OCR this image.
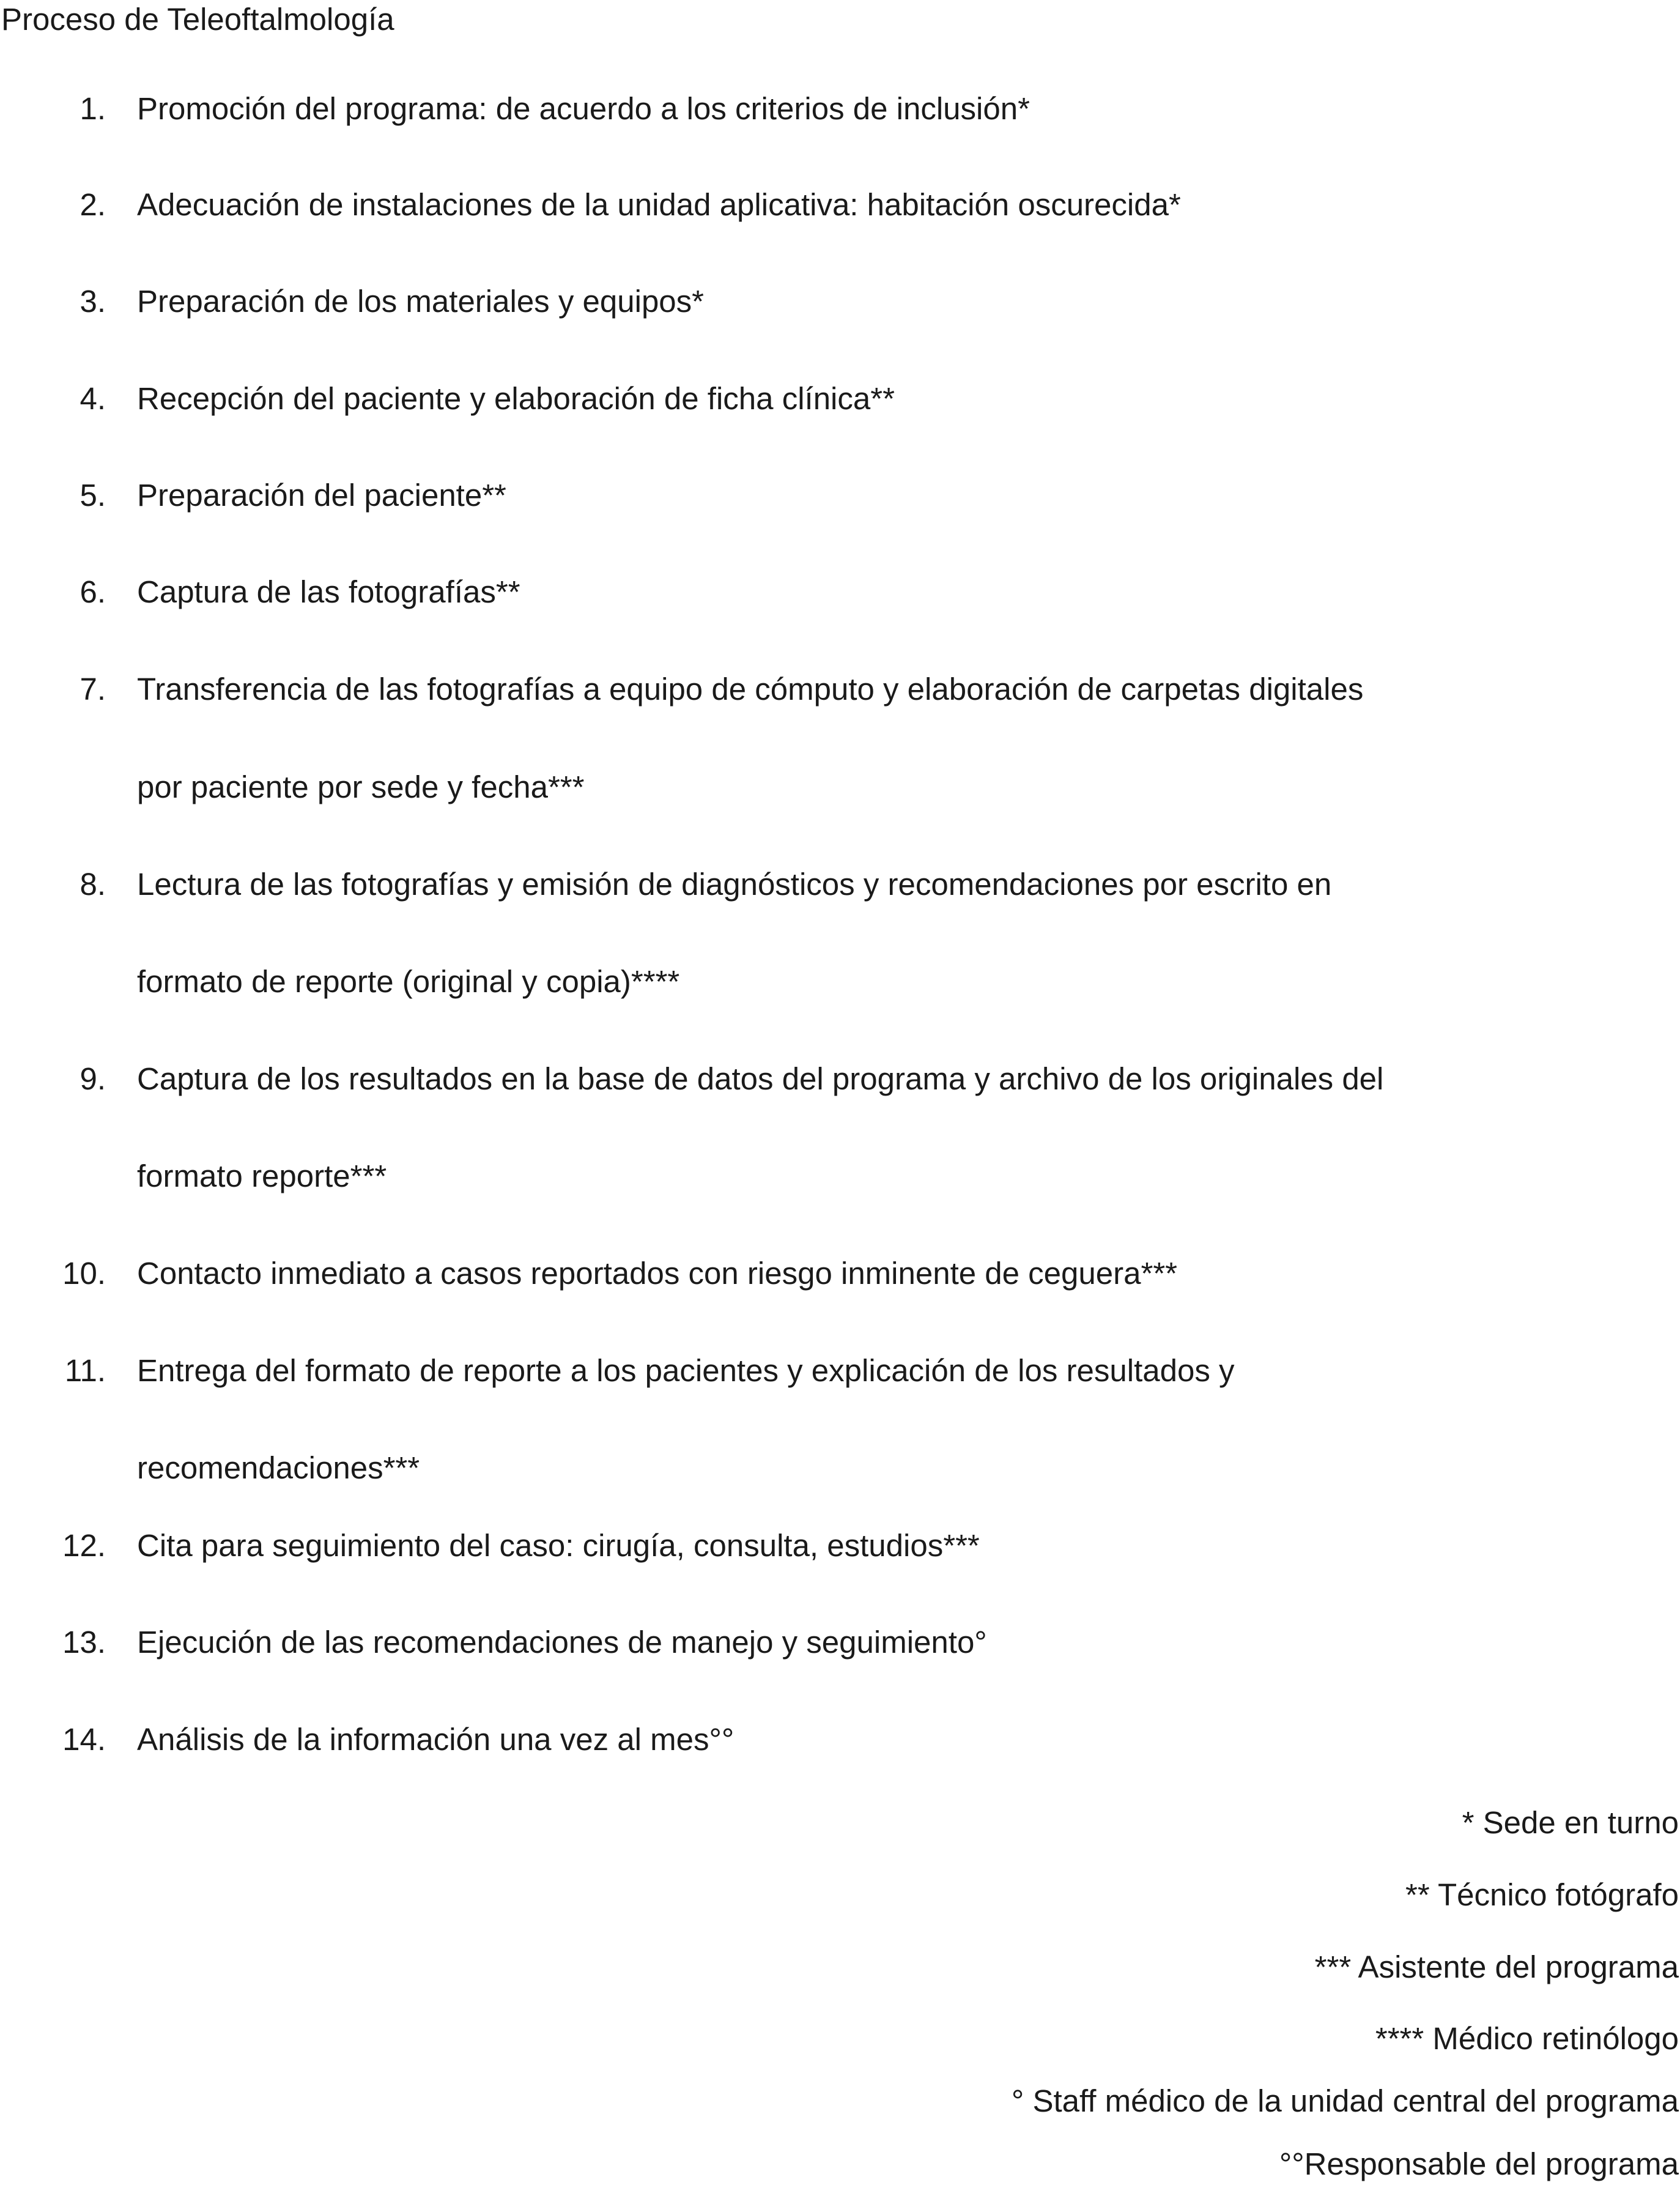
Proceso de Teleoftalmología
1. Promoción del programa: de acuerdo a los criterios de inclusión*
2. Adecuación de instalaciones de la unidad aplicativa: habitación oscurecida*
3. Preparación de los materiales y equipos*
4. Recepción del paciente y elaboración de ficha clínica**
5. Preparación del paciente**
6. Captura de las fotografías**
7. Transferencia de las fotografías a equipo de cómputo y elaboración de carpetas digitales
por paciente por sede y fecha***
8. Lectura de las fotografías y emisión de diagnósticos y recomendaciones por escrito en
formato de reporte (original y copia)****
9. Captura de los resultados en la base de datos del programa y archivo de los originales del
formato reporte***
10. Contacto inmediato a casos reportados con riesgo inminente de ceguera***
11. Entrega del formato de reporte a los pacientes y explicación de los resultados y
recomendaciones***
12. Cita para seguimiento del caso: cirugía, consulta, estudios***
13. Ejecución de las recomendaciones de manejo y seguimiento°
14. Análisis de la información una vez al mes°°
* Sede en turno
** Técnico fotógrafo
*** Asistente del programa
**** Médico retinólogo
° Staff médico de la unidad central del programa
°°Responsable del programa
